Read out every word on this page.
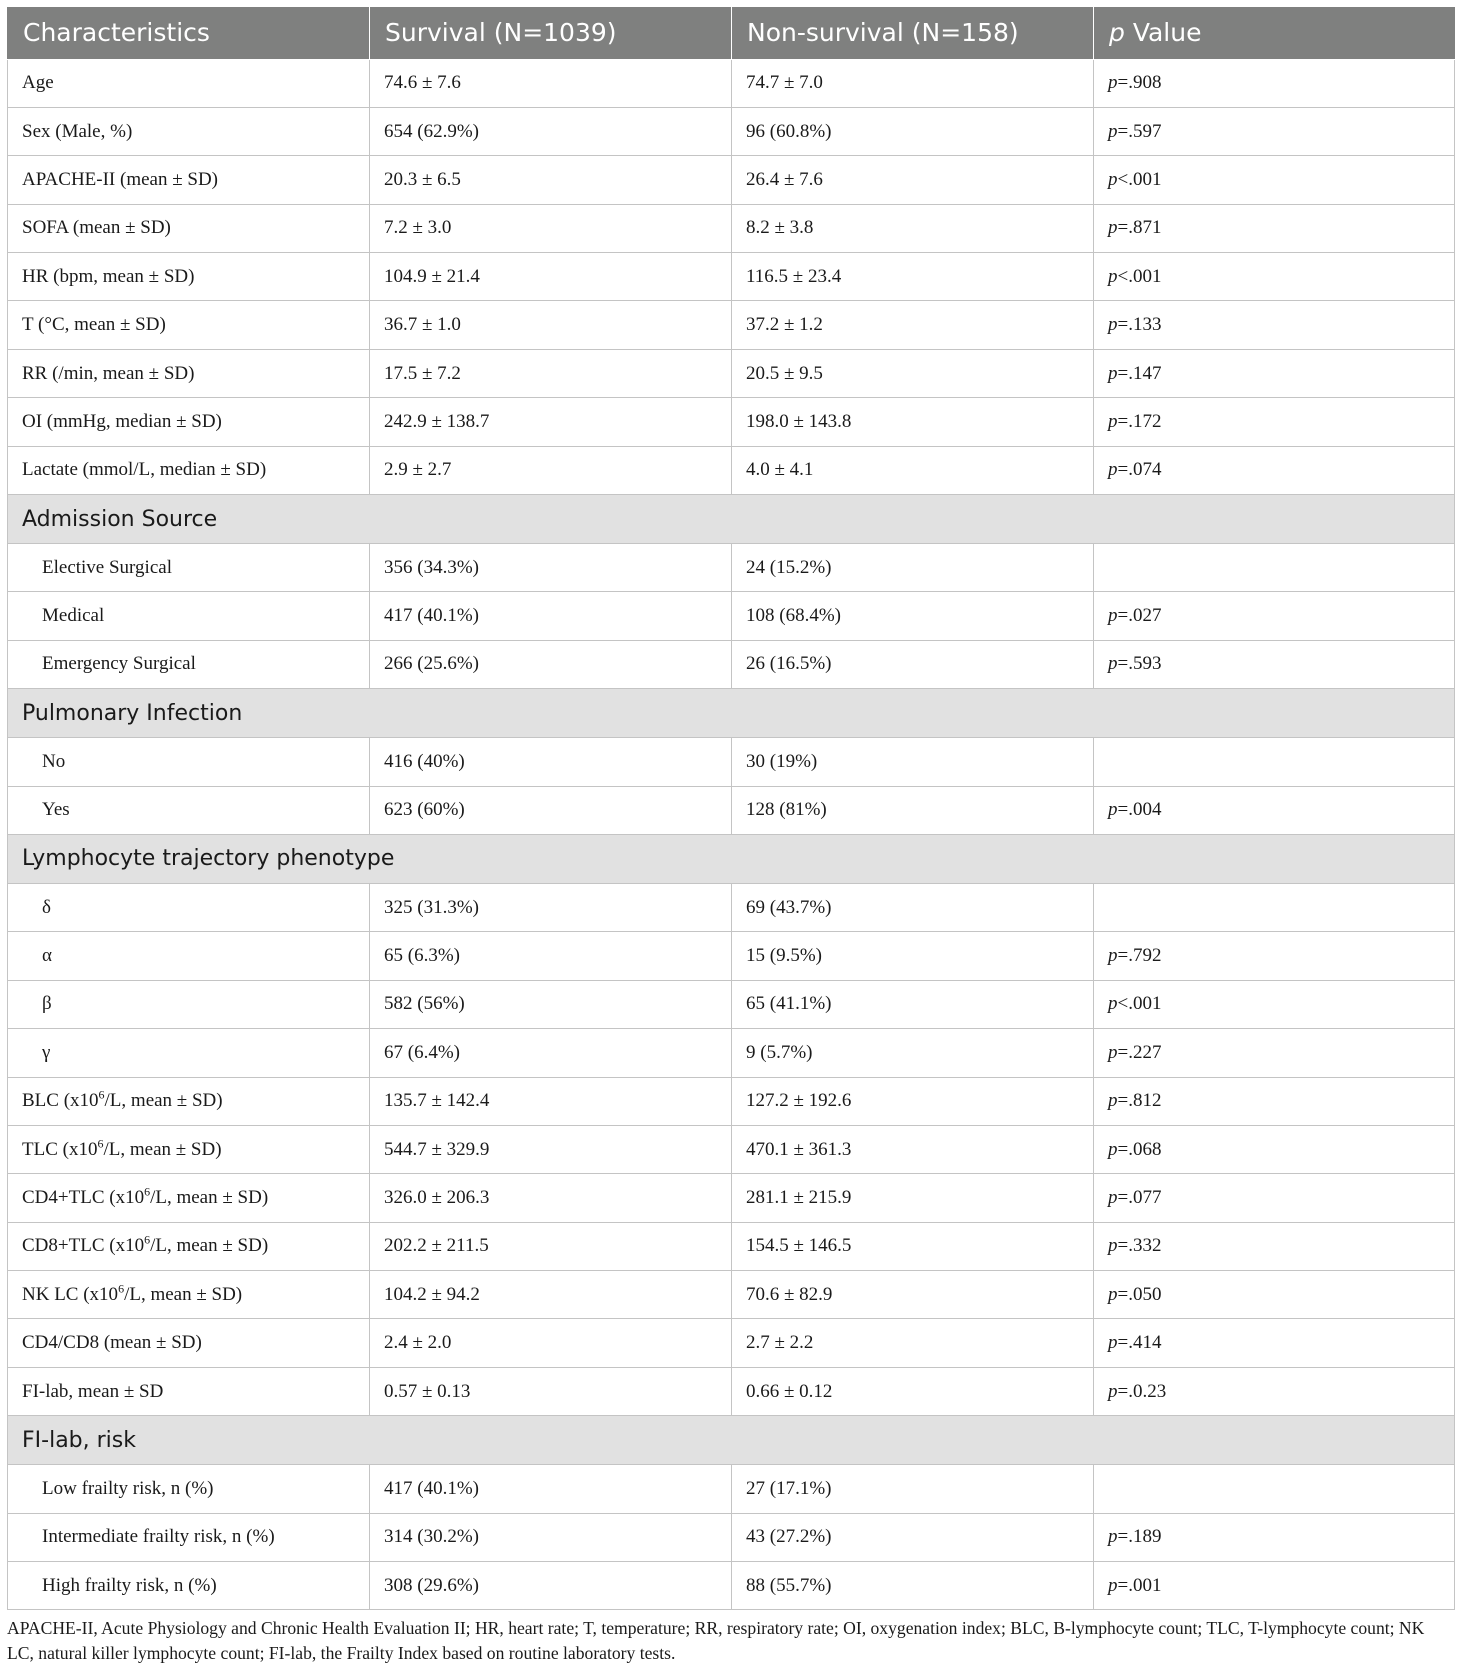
Characteristics	Survival (N=1039)	Non-survival (N=158)	p Value
Age	74.6 ± 7.6	74.7 ± 7.0	p=.908
Sex (Male, %)	654 (62.9%)	96 (60.8%)	p=.597
APACHE-II (mean ± SD)	20.3 ± 6.5	26.4 ± 7.6	p<.001
SOFA (mean ± SD)	7.2 ± 3.0	8.2 ± 3.8	p=.871
HR (bpm, mean ± SD)	104.9 ± 21.4	116.5 ± 23.4	p<.001
T (°C, mean ± SD)	36.7 ± 1.0	37.2 ± 1.2	p=.133
RR (/min, mean ± SD)	17.5 ± 7.2	20.5 ± 9.5	p=.147
OI (mmHg, median ± SD)	242.9 ± 138.7	198.0 ± 143.8	p=.172
Lactate (mmol/L, median ± SD)	2.9 ± 2.7	4.0 ± 4.1	p=.074
Admission Source			
Elective Surgical	356 (34.3%)	24 (15.2%)	
Medical	417 (40.1%)	108 (68.4%)	p=.027
Emergency Surgical	266 (25.6%)	26 (16.5%)	p=.593
Pulmonary Infection			
No	416 (40%)	30 (19%)	
Yes	623 (60%)	128 (81%)	p=.004
Lymphocyte trajectory phenotype			
δ	325 (31.3%)	69 (43.7%)	
α	65 (6.3%)	15 (9.5%)	p=.792
β	582 (56%)	65 (41.1%)	p<.001
γ	67 (6.4%)	9 (5.7%)	p=.227
BLC ($x10^6/L$, mean ± SD)	135.7 ± 142.4	127.2 ± 192.6	p=.812
TLC ($x10^6/L$, mean ± SD)	544.7 ± 329.9	470.1 ± 361.3	p=.068
CD4+TLC ($x10^6/L$, mean ± SD)	326.0 ± 206.3	281.1 ± 215.9	p=.077
CD8+TLC ($x10^6/L$, mean ± SD)	202.2 ± 211.5	154.5 ± 146.5	p=.332
NK LC ($x10^6/L$, mean ± SD)	104.2 ± 94.2	70.6 ± 82.9	p=.050
CD4/CD8 (mean ± SD)	2.4 ± 2.0	2.7 ± 2.2	p=.414
FI-lab, mean ± SD	0.57 ± 0.13	0.66 ± 0.12	p=.0.23
FI-lab, risk			
Low frailty risk, n (%)	417 (40.1%)	27 (17.1%)	
Intermediate frailty risk, n (%)	314 (30.2%)	43 (27.2%)	p=.189
High frailty risk, n (%)	308 (29.6%)	88 (55.7%)	p=.001

APACHE-II, Acute Physiology and Chronic Health Evaluation II; HR, heart rate; T, temperature; RR, respiratory rate; OI, oxygenation index; BLC, B-lymphocyte count; TLC, T-lymphocyte count; NK LC, natural killer lymphocyte count; FI-lab, the Frailty Index based on routine laboratory tests.
